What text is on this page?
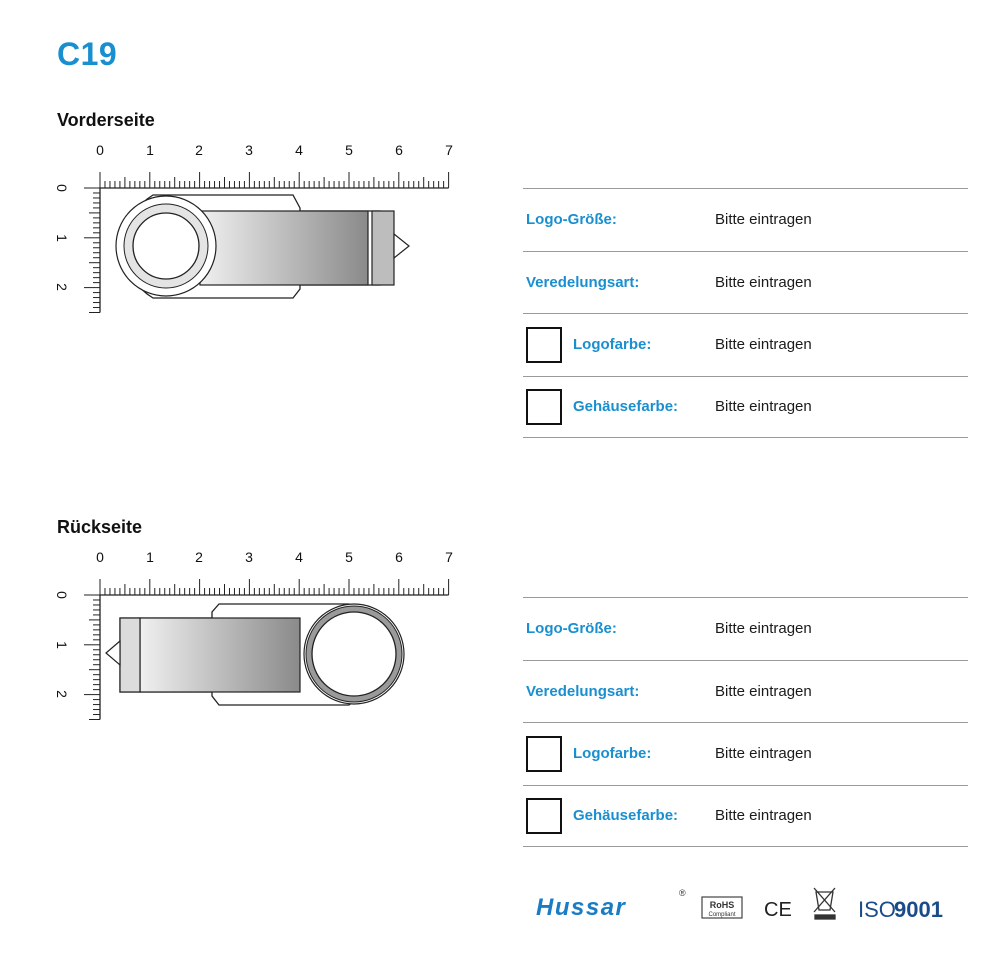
C19
Vorderseite
0	1	2	3	4	5	6	7
0
1
2
Logo-Größe:	Bitte eintragen
Veredelungsart:	Bitte eintragen
Logofarbe:	Bitte eintragen
Gehäusefarbe: Bitte eintragen
Rückseite
0	1	2	3	4	5	6	7
0
1
2
Logo-Größe:	Bitte eintragen
Veredelungsart:	Bitte eintragen
Logofarbe:	Bitte eintragen
Gehäusefarbe: Bitte eintragen
Hussar
®
RoHS
Compliant CE	ISO
9001
